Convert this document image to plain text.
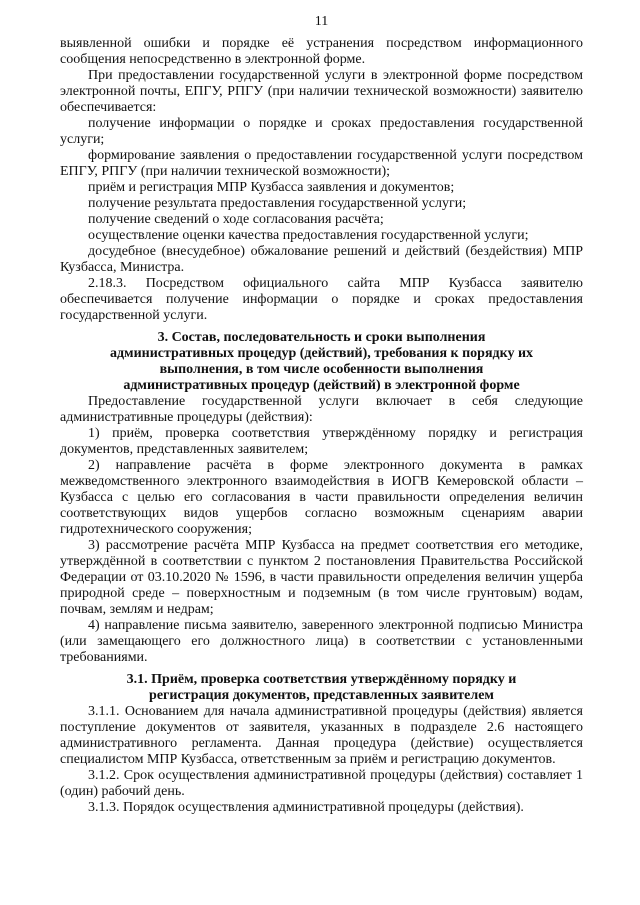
11

выявленной ошибки и порядке её устранения посредством информационного сообщения непосредственно в электронной форме.

При предоставлении государственной услуги в электронной форме посредством электронной почты, ЕПГУ, РПГУ (при наличии технической возможности) заявителю обеспечивается:

получение информации о порядке и сроках предоставления государственной услуги;

формирование заявления о предоставлении государственной услуги посредством ЕПГУ, РПГУ (при наличии технической возможности);

приём и регистрация МПР Кузбасса заявления и документов;

получение результата предоставления государственной услуги;

получение сведений о ходе согласования расчёта;

осуществление оценки качества предоставления государственной услуги;

досудебное (внесудебное) обжалование решений и действий (бездействия) МПР Кузбасса, Министра.

2.18.3. Посредством официального сайта МПР Кузбасса заявителю обеспечивается получение информации о порядке и сроках предоставления государственной услуги.

3. Состав, последовательность и сроки выполнения
административных процедур (действий), требования к порядку их
выполнения, в том числе особенности выполнения
административных процедур (действий) в электронной форме

Предоставление государственной услуги включает в себя следующие административные процедуры (действия):

1) приём, проверка соответствия утверждённому порядку и регистрация документов, представленных заявителем;

2) направление расчёта в форме электронного документа в рамках межведомственного электронного взаимодействия в ИОГВ Кемеровской области – Кузбасса с целью его согласования в части правильности определения величин соответствующих видов ущербов согласно возможным сценариям аварии гидротехнического сооружения;

3) рассмотрение расчёта МПР Кузбасса на предмет соответствия его методике, утверждённой в соответствии с пунктом 2 постановления Правительства Российской Федерации от 03.10.2020 № 1596, в части правильности определения величин ущерба природной среде – поверхностным и подземным (в том числе грунтовым) водам, почвам, землям и недрам;

4) направление письма заявителю, заверенного электронной подписью Министра (или замещающего его должностного лица) в соответствии с установленными требованиями.

3.1. Приём, проверка соответствия утверждённому порядку и
регистрация документов, представленных заявителем

3.1.1. Основанием для начала административной процедуры (действия) является поступление документов от заявителя, указанных в подразделе 2.6 настоящего административного регламента. Данная процедура (действие) осуществляется специалистом МПР Кузбасса, ответственным за приём и регистрацию документов.

3.1.2. Срок осуществления административной процедуры (действия) составляет 1 (один) рабочий день.

3.1.3. Порядок осуществления административной процедуры (действия).
